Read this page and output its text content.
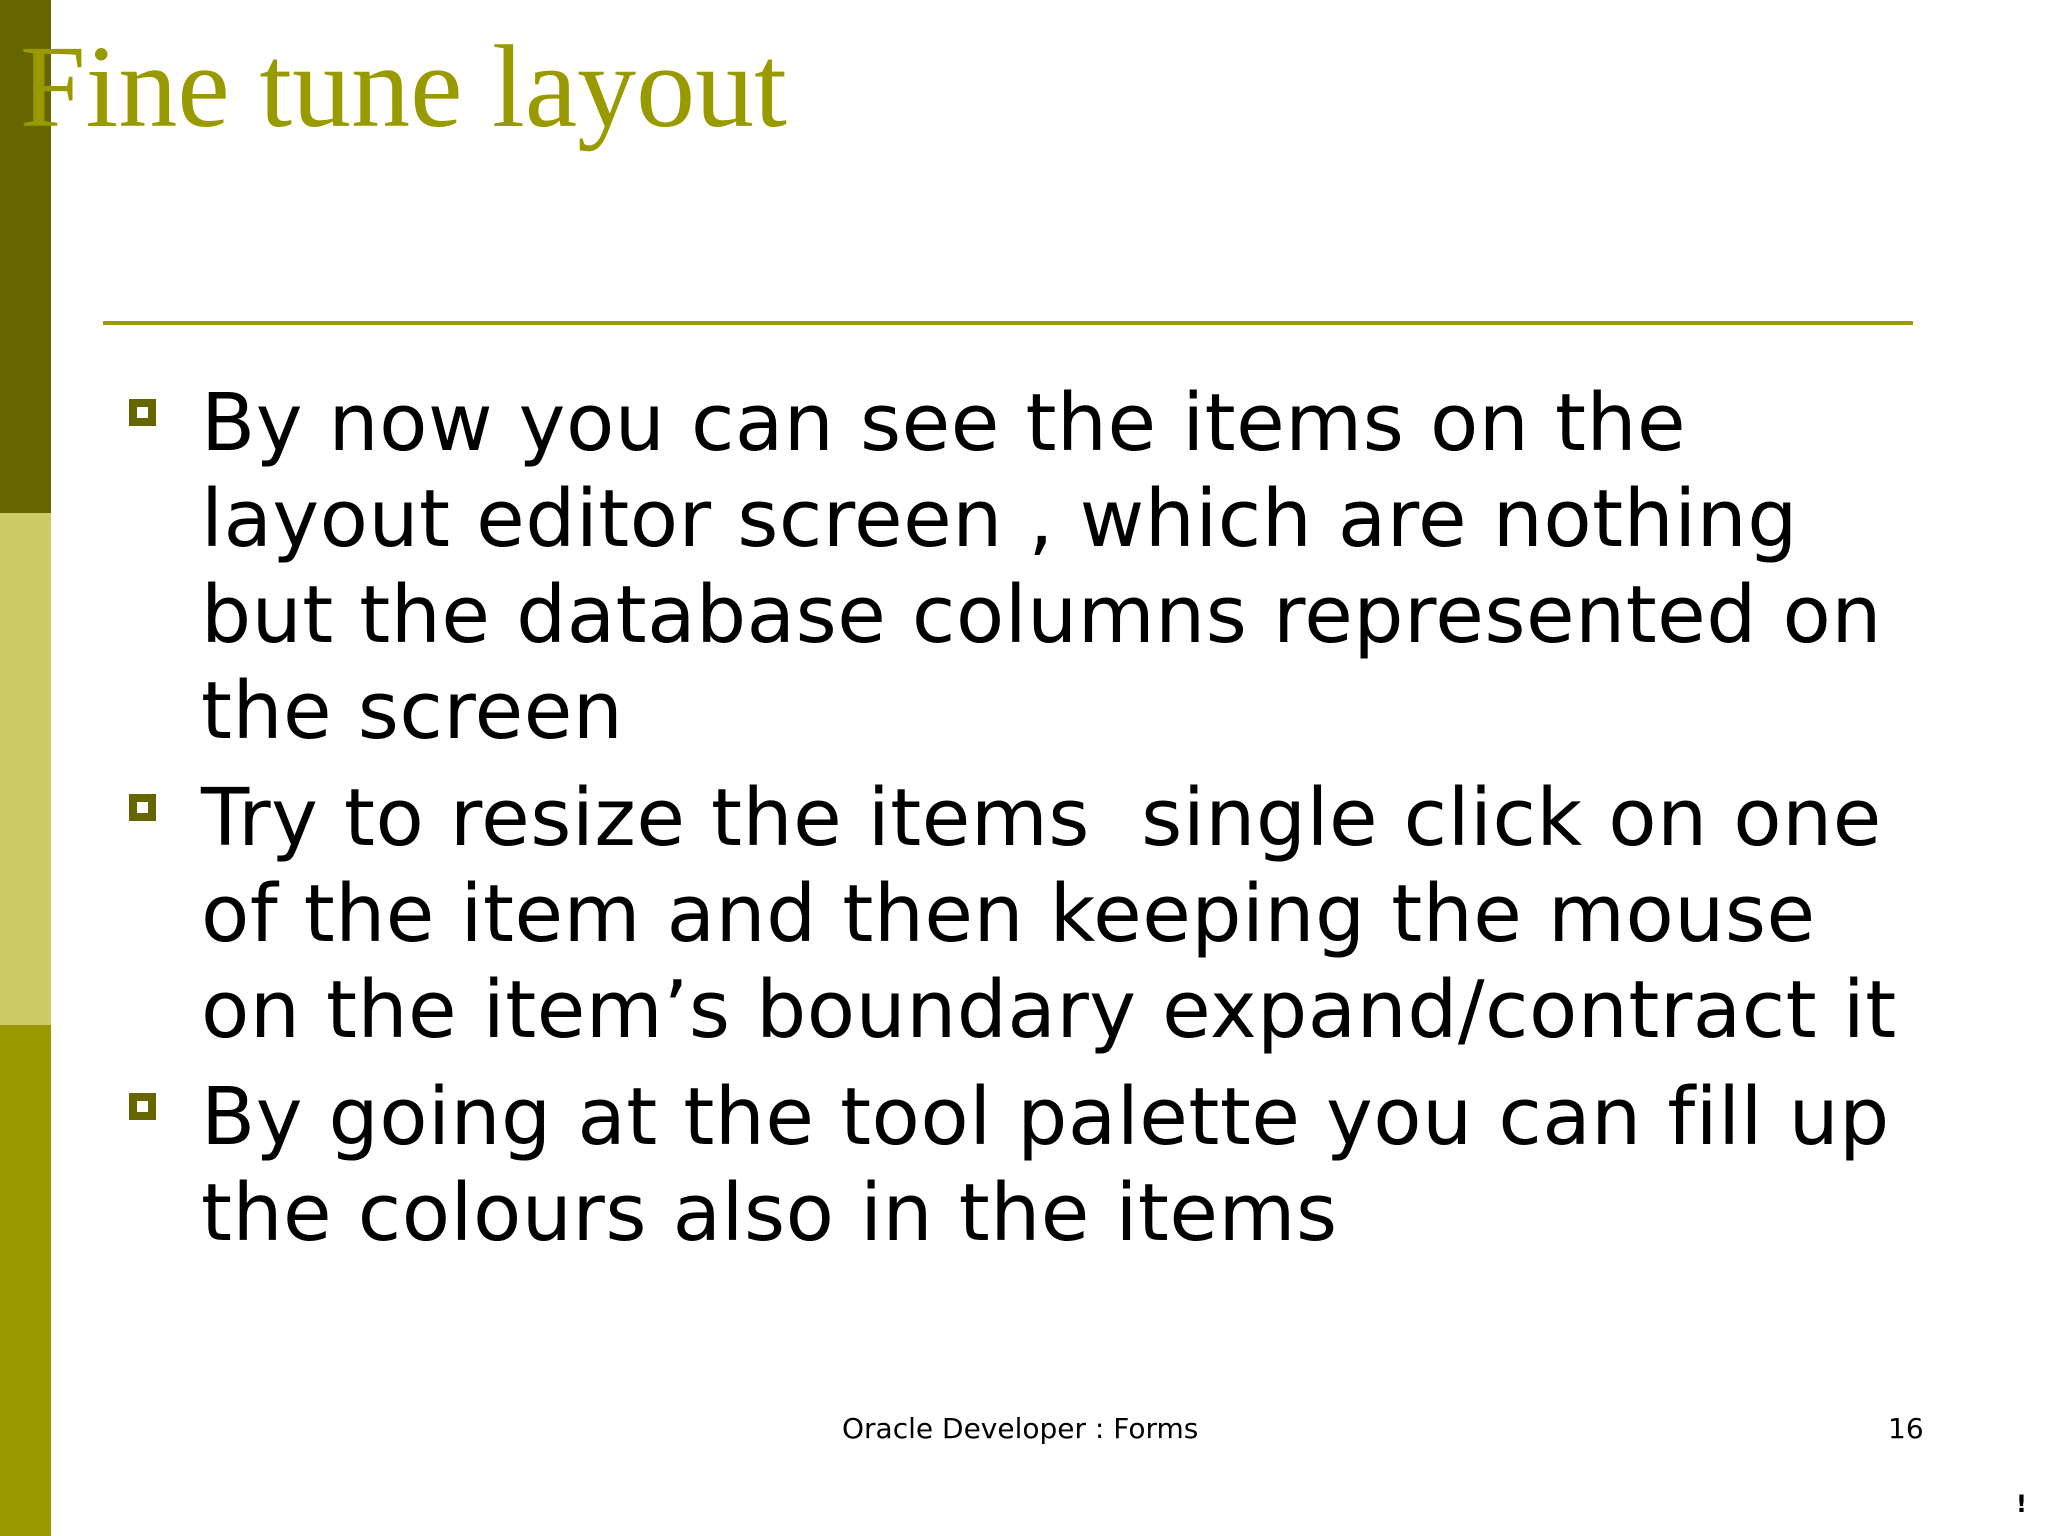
Fine tune layout
By now you can see the items on the layout editor screen , which are nothing but the database columns represented on the screen
Try to resize the items  single click on one of the item and then keeping the mouse on the item’s boundary expand/contract it
By going at the tool palette you can fill up the colours also in the items
Oracle Developer : Forms	16
!
